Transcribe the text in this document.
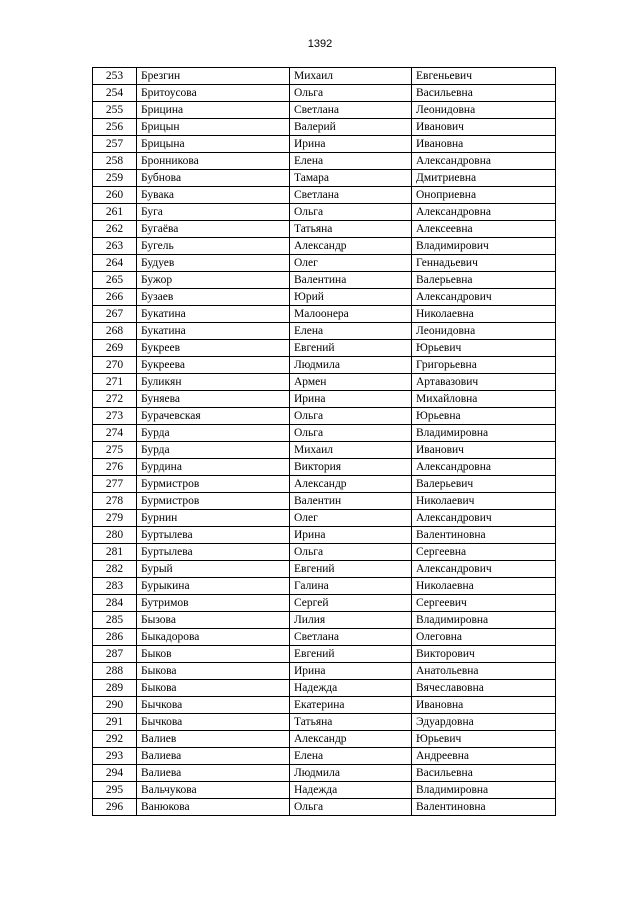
1392
253	Брезгин	Михаил	Евгеньевич
254	Бритоусова	Ольга	Васильевна
255	Брицина	Светлана	Леонидовна
256	Брицын	Валерий	Иванович
257	Брицына	Ирина	Ивановна
258	Бронникова	Елена	Александровна
259	Бубнова	Тамара	Дмитриевна
260	Бувака	Светлана	Оноприевна
261	Буга	Ольга	Александровна
262	Бугаёва	Татьяна	Алексеевна
263	Бугель	Александр	Владимирович
264	Будуев	Олег	Геннадьевич
265	Бужор	Валентина	Валерьевна
266	Бузаев	Юрий	Александрович
267	Букатина	Малоонера	Николаевна
268	Букатина	Елена	Леонидовна
269	Букреев	Евгений	Юрьевич
270	Букреева	Людмила	Григорьевна
271	Буликян	Армен	Артавазович
272	Буняева	Ирина	Михайловна
273	Бурачевская	Ольга	Юрьевна
274	Бурда	Ольга	Владимировна
275	Бурда	Михаил	Иванович
276	Бурдина	Виктория	Александровна
277	Бурмистров	Александр	Валерьевич
278	Бурмистров	Валентин	Николаевич
279	Бурнин	Олег	Александрович
280	Буртылева	Ирина	Валентиновна
281	Буртылева	Ольга	Сергеевна
282	Бурый	Евгений	Александрович
283	Бурыкина	Галина	Николаевна
284	Бутримов	Сергей	Сергеевич
285	Бызова	Лилия	Владимировна
286	Быкадорова	Светлана	Олеговна
287	Быков	Евгений	Викторович
288	Быкова	Ирина	Анатольевна
289	Быкова	Надежда	Вячеславовна
290	Бычкова	Екатерина	Ивановна
291	Бычкова	Татьяна	Эдуардовна
292	Валиев	Александр	Юрьевич
293	Валиева	Елена	Андреевна
294	Валиева	Людмила	Васильевна
295	Вальчукова	Надежда	Владимировна
296	Ванюкова	Ольга	Валентиновна
